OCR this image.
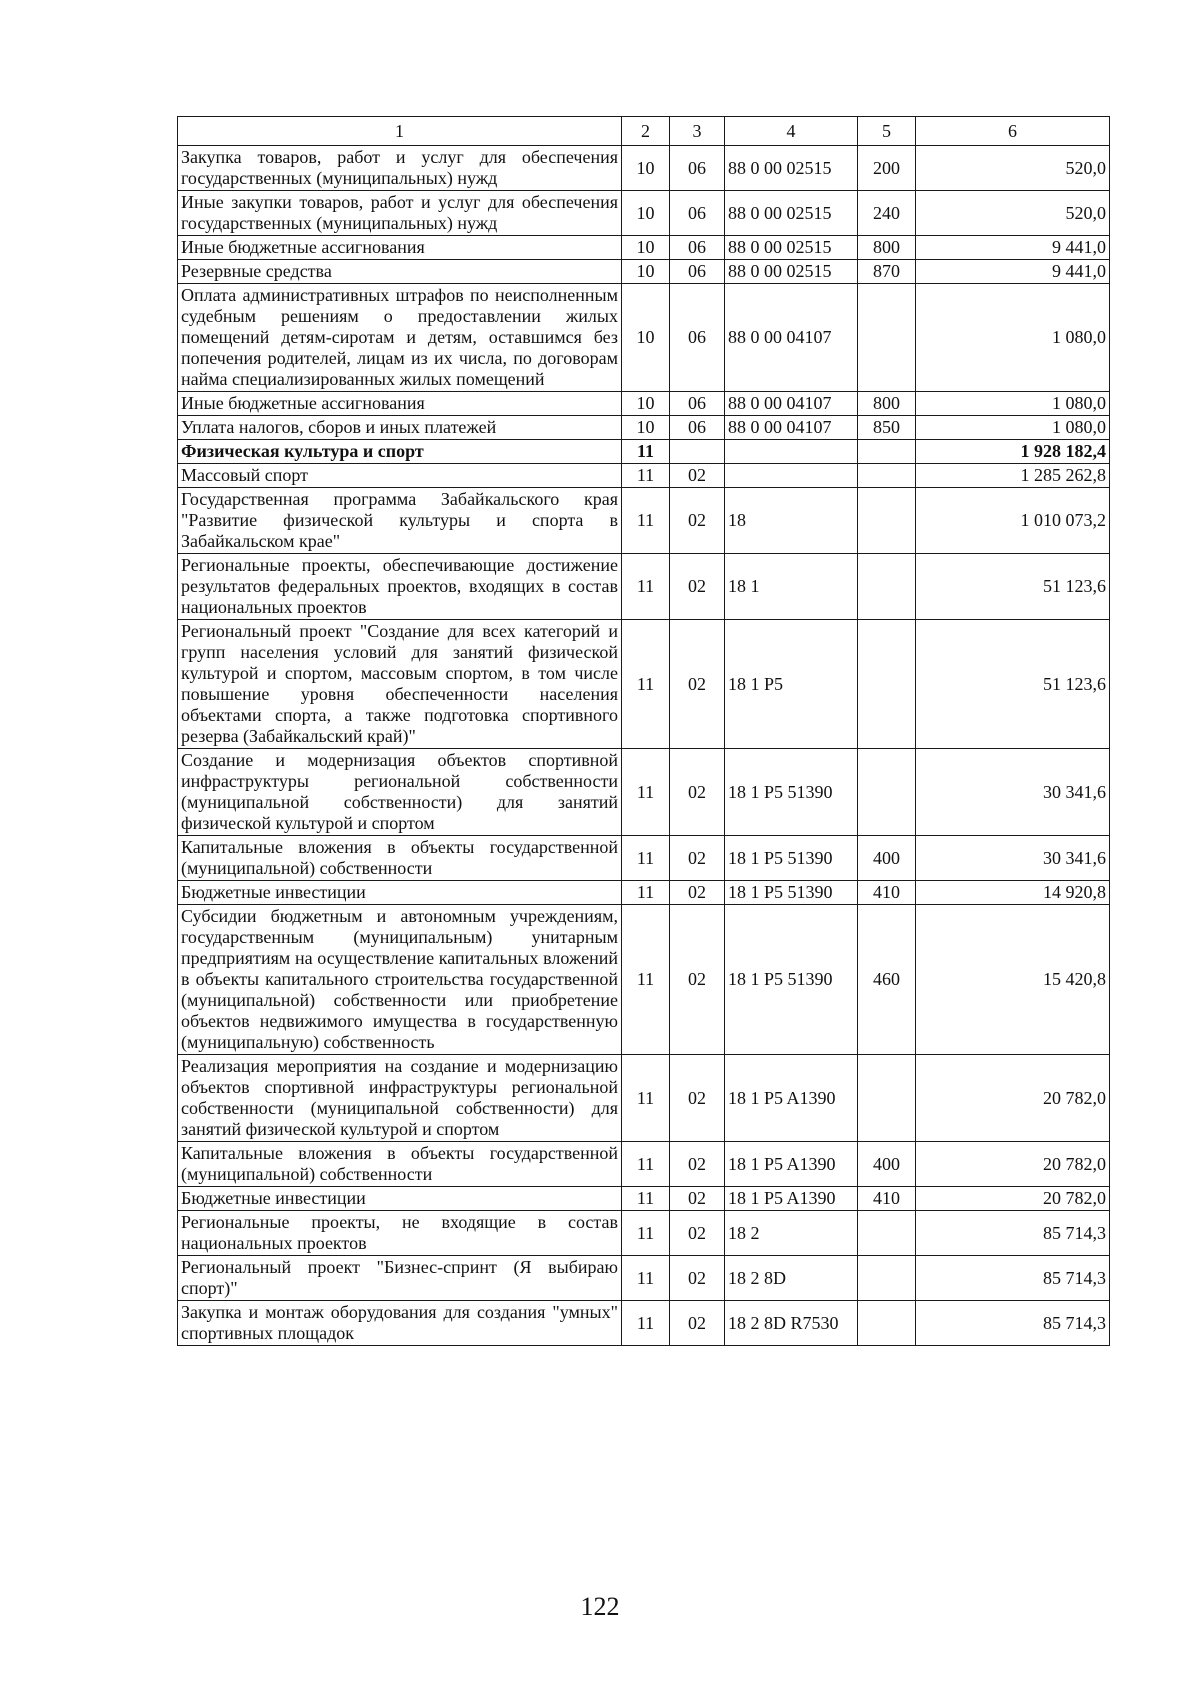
1	2	3	4	5	6
Закупка товаров, работ и услуг для обеспечения государственных (муниципальных) нужд	10	06	88 0 00 02515	200	520,0
Иные закупки товаров, работ и услуг для обеспечения государственных (муниципальных) нужд	10	06	88 0 00 02515	240	520,0
Иные бюджетные ассигнования	10	06	88 0 00 02515	800	9 441,0
Резервные средства	10	06	88 0 00 02515	870	9 441,0
Оплата административных штрафов по неисполненным судебным решениям о предоставлении жилых помещений детям-сиротам и детям, оставшимся без попечения родителей, лицам из их числа, по договорам найма специализированных жилых помещений	10	06	88 0 00 04107		1 080,0
Иные бюджетные ассигнования	10	06	88 0 00 04107	800	1 080,0
Уплата налогов, сборов и иных платежей	10	06	88 0 00 04107	850	1 080,0
Физическая культура и спорт	11				1 928 182,4
Массовый спорт	11	02			1 285 262,8
Государственная программа Забайкальского края "Развитие физической культуры и спорта в Забайкальском крае"	11	02	18		1 010 073,2
Региональные проекты, обеспечивающие достижение результатов федеральных проектов, входящих в состав национальных проектов	11	02	18 1		51 123,6
Региональный проект "Создание для всех категорий и групп населения условий для занятий физической культурой и спортом, массовым спортом, в том числе повышение уровня обеспеченности населения объектами спорта, а также подготовка спортивного резерва (Забайкальский край)"	11	02	18 1 P5		51 123,6
Создание и модернизация объектов спортивной инфраструктуры региональной собственности (муниципальной собственности) для занятий физической культурой и спортом	11	02	18 1 P5 51390		30 341,6
Капитальные вложения в объекты государственной (муниципальной) собственности	11	02	18 1 P5 51390	400	30 341,6
Бюджетные инвестиции	11	02	18 1 P5 51390	410	14 920,8
Субсидии бюджетным и автономным учреждениям, государственным (муниципальным) унитарным предприятиям на осуществление капитальных вложений в объекты капитального строительства государственной (муниципальной) собственности или приобретение объектов недвижимого имущества в государственную (муниципальную) собственность	11	02	18 1 P5 51390	460	15 420,8
Реализация мероприятия на создание и модернизацию объектов спортивной инфраструктуры региональной собственности (муниципальной собственности) для занятий физической культурой и спортом	11	02	18 1 P5 A1390		20 782,0
Капитальные вложения в объекты государственной (муниципальной) собственности	11	02	18 1 P5 A1390	400	20 782,0
Бюджетные инвестиции	11	02	18 1 P5 A1390	410	20 782,0
Региональные проекты, не входящие в состав национальных проектов	11	02	18 2		85 714,3
Региональный проект "Бизнес-спринт (Я выбираю спорт)"	11	02	18 2 8D		85 714,3
Закупка и монтаж оборудования для создания "умных" спортивных площадок	11	02	18 2 8D R7530		85 714,3
122
